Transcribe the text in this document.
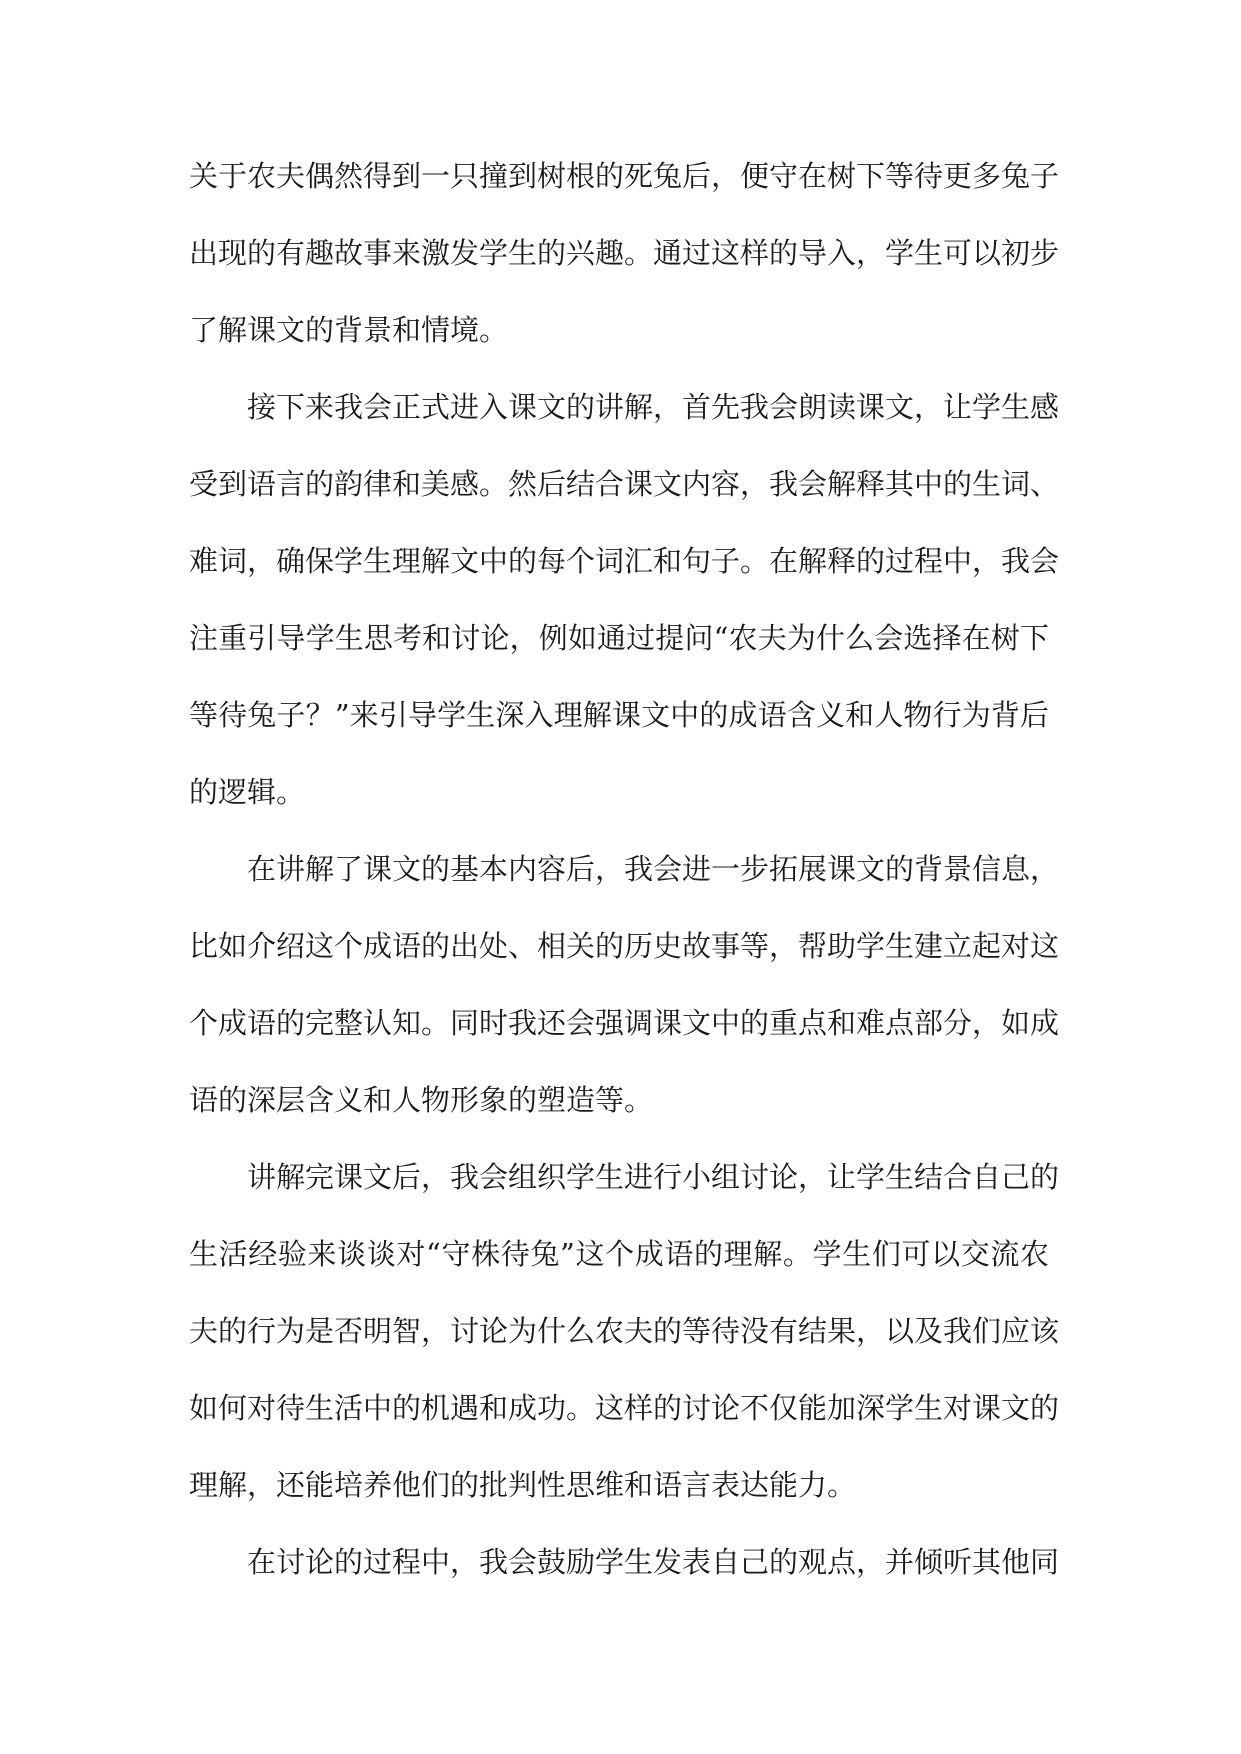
关于农夫偶然得到一只撞到树根的死兔后，便守在树下等待更多兔子
出现的有趣故事来激发学生的兴趣。通过这样的导入，学生可以初步
了解课文的背景和情境。
接下来我会正式进入课文的讲解，首先我会朗读课文，让学生感
受到语言的韵律和美感。然后结合课文内容，我会解释其中的生词、
难词，确保学生理解文中的每个词汇和句子。在解释的过程中，我会
注重引导学生思考和讨论，例如通过提问“农夫为什么会选择在树下
等待兔子？”来引导学生深入理解课文中的成语含义和人物行为背后
的逻辑。
在讲解了课文的基本内容后，我会进一步拓展课文的背景信息，
比如介绍这个成语的出处、相关的历史故事等，帮助学生建立起对这
个成语的完整认知。同时我还会强调课文中的重点和难点部分，如成
语的深层含义和人物形象的塑造等。
讲解完课文后，我会组织学生进行小组讨论，让学生结合自己的
生活经验来谈谈对“守株待兔”这个成语的理解。学生们可以交流农
夫的行为是否明智，讨论为什么农夫的等待没有结果，以及我们应该
如何对待生活中的机遇和成功。这样的讨论不仅能加深学生对课文的
理解，还能培养他们的批判性思维和语言表达能力。
在讨论的过程中，我会鼓励学生发表自己的观点，并倾听其他同
